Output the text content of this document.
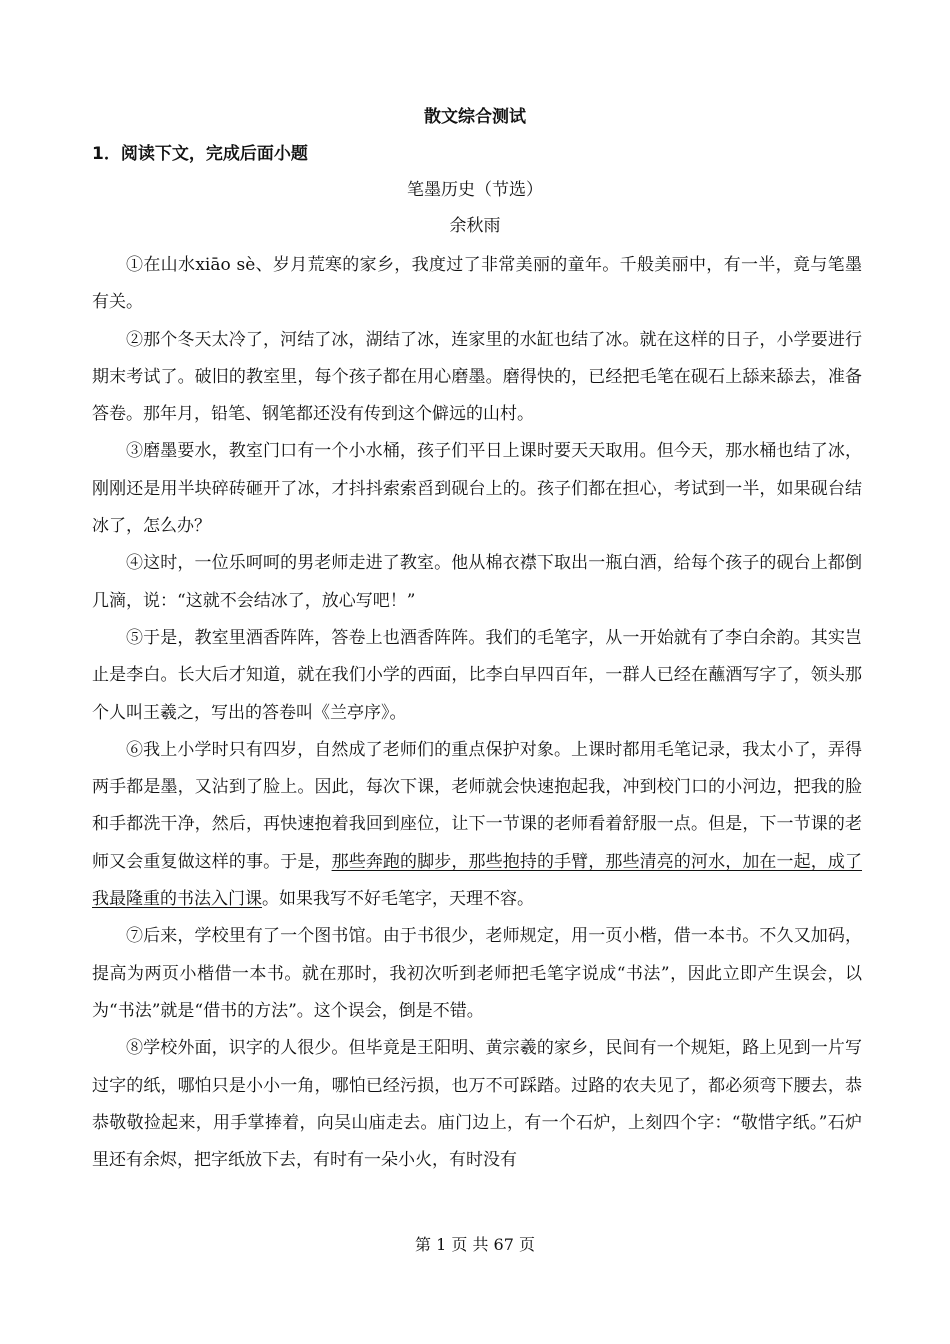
散文综合测试
1．阅读下文，完成后面小题
笔墨历史（节选）
余秋雨

①在山水xiāo sè、岁月荒寒的家乡，我度过了非常美丽的童年。千般美丽中，有一半，竟与笔墨有关。

②那个冬天太冷了，河结了冰，湖结了冰，连家里的水缸也结了冰。就在这样的日子，小学要进行期末考试了。破旧的教室里，每个孩子都在用心磨墨。磨得快的，已经把毛笔在砚石上舔来舔去，准备答卷。那年月，铅笔、钢笔都还没有传到这个僻远的山村。

③磨墨要水，教室门口有一个小水桶，孩子们平日上课时要天天取用。但今天，那水桶也结了冰，刚刚还是用半块碎砖砸开了冰，才抖抖索索舀到砚台上的。孩子们都在担心，考试到一半，如果砚台结冰了，怎么办？

④这时，一位乐呵呵的男老师走进了教室。他从棉衣襟下取出一瓶白酒，给每个孩子的砚台上都倒几滴，说：“这就不会结冰了，放心写吧！”

⑤于是，教室里酒香阵阵，答卷上也酒香阵阵。我们的毛笔字，从一开始就有了李白余韵。其实岂止是李白。长大后才知道，就在我们小学的西面，比李白早四百年，一群人已经在蘸酒写字了，领头那个人叫王羲之，写出的答卷叫《兰亭序》。

⑥我上小学时只有四岁，自然成了老师们的重点保护对象。上课时都用毛笔记录，我太小了，弄得两手都是墨，又沾到了脸上。因此，每次下课，老师就会快速抱起我，冲到校门口的小河边，把我的脸和手都洗干净，然后，再快速抱着我回到座位，让下一节课的老师看着舒服一点。但是，下一节课的老师又会重复做这样的事。于是，那些奔跑的脚步，那些抱持的手臂，那些清亮的河水，加在一起，成了我最隆重的书法入门课。如果我写不好毛笔字，天理不容。

⑦后来，学校里有了一个图书馆。由于书很少，老师规定，用一页小楷，借一本书。不久又加码，提高为两页小楷借一本书。就在那时，我初次听到老师把毛笔字说成“书法”，因此立即产生误会，以为“书法”就是“借书的方法”。这个误会，倒是不错。

⑧学校外面，识字的人很少。但毕竟是王阳明、黄宗羲的家乡，民间有一个规矩，路上见到一片写过字的纸，哪怕只是小小一角，哪怕已经污损，也万不可踩踏。过路的农夫见了，都必须弯下腰去，恭恭敬敬捡起来，用手掌捧着，向吴山庙走去。庙门边上，有一个石炉，上刻四个字：“敬惜字纸。”石炉里还有余烬，把字纸放下去，有时有一朵小火，有时没有

第 1 页 共 67 页
